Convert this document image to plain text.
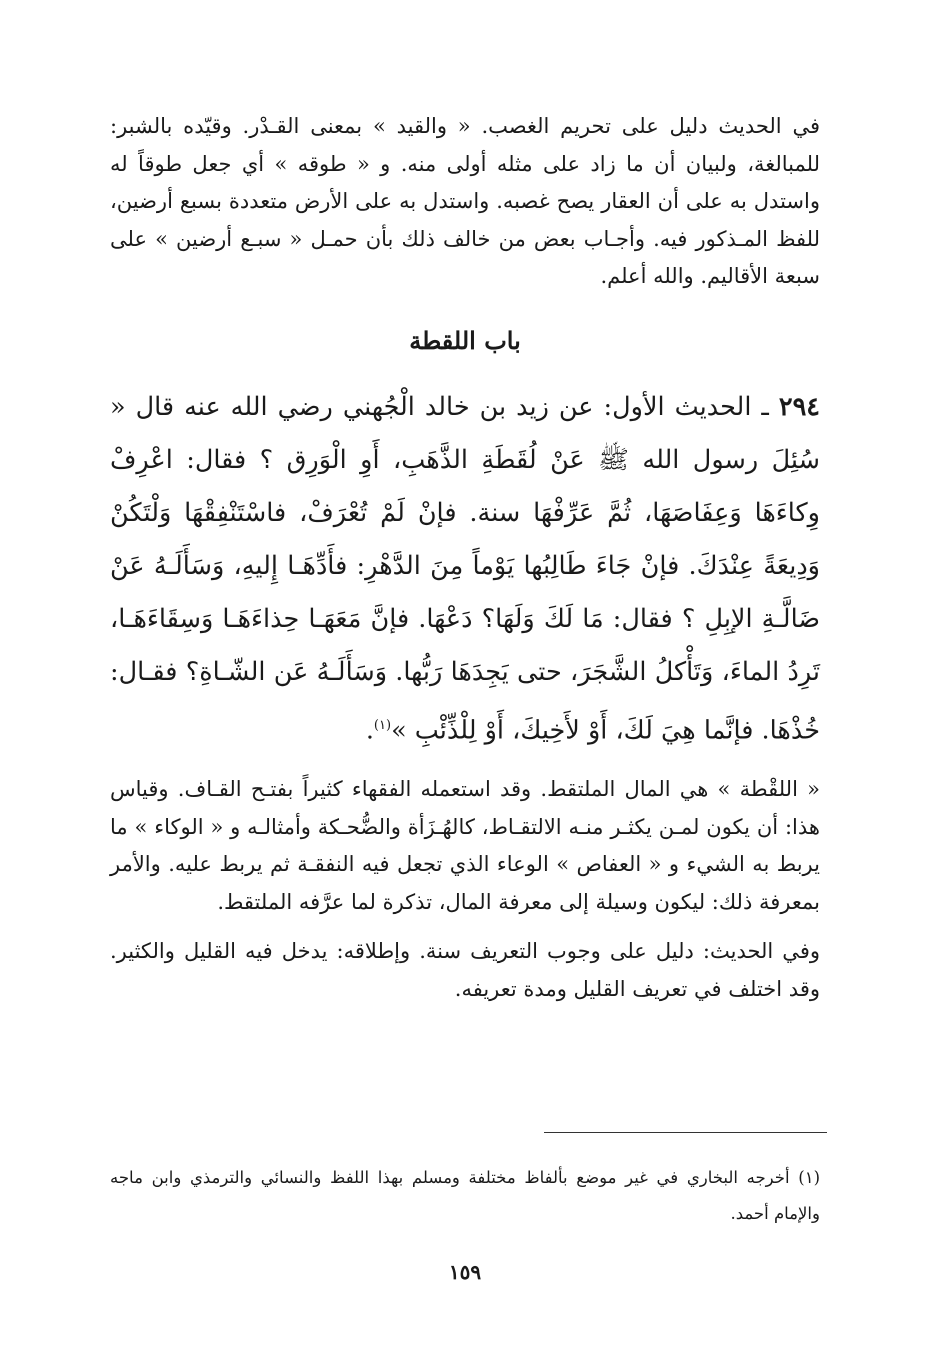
في الحديث دليل على تحريم الغصب. « والقيد » بمعنى القـدْر. وقيّده بالشبر: للمبالغة، ولبيان أن ما زاد على مثله أولى منه. و « طوقه » أي جعل طوقاً له واستدل به على أن العقار يصح غصبه. واستدل به على الأرض متعددة بسبع أرضين، للفظ المـذكور فيه. وأجـاب بعض من خالف ذلك بأن حمـل « سبـع أرضين » على سبعة الأقاليم. والله أعلم.

باب اللقطة

٢٩٤ ـ الحديث الأول: عن زيد بن خالد الْجُهني رضي الله عنه قال « سُئِلَ رسول الله ﷺ عَنْ لُقَطَةِ الذَّهَبِ، أَوِ الْوَرِق ؟ فقال: اعْرِفْ وِكاءَهَا وَعِفَاصَهَا، ثُمَّ عَرِّفْهَا سنة. فإنْ لَمْ تُعْرَفْ، فاسْتَنْفِقْهَا وَلْتَكُنْ وَدِيعَةً عِنْدَكَ. فإنْ جَاءَ طَالِبُها يَوْماً مِنَ الدَّهْرِ: فأَدِّهَـا إِليهِ، وَسَأَلَـهُ عَنْ ضَالَّـةِ الإبِلِ ؟ فقال: مَا لَكَ وَلَهَا؟ دَعْهَا. فإنَّ مَعَهَـا حِذاءَهَـا وَسِقَاءَهَـا، تَرِدُ الماءَ، وَتَأْكلُ الشَّجَرَ، حتى يَجِدَهَا رَبُّها. وَسَأَلَـهُ عَن الشّـاةِ؟ فقـال: خُذْهَا. فإنَّما هِيَ لَكَ، أَوْ لأَخِيكَ، أَوْ لِلْذِّئْبِ »$^{(١)}$.

« اللقْطة » هي المال الملتقط. وقد استعمله الفقهاء كثيراً بفتـح القـاف. وقياس هذا: أن يكون لمـن يكثـر منـه الالتقـاط، كالهُـزَأة والضُّحـكة وأمثالـه و « الوكاء » ما يربط به الشيء و « العفاص » الوعاء الذي تجعل فيه النفقـة ثم يربط عليه. والأمر بمعرفة ذلك: ليكون وسيلة إلى معرفة المال، تذكرة لما عرَّفه الملتقط.

وفي الحديث: دليل على وجوب التعريف سنة. وإطلاقه: يدخل فيه القليل والكثير. وقد اختلف في تعريف القليل ومدة تعريفه.

(١) أخرجه البخاري في غير موضع بألفاظ مختلفة ومسلم بهذا اللفظ والنسائي والترمذي وابن ماجه والإمام أحمد.

١٥٩
